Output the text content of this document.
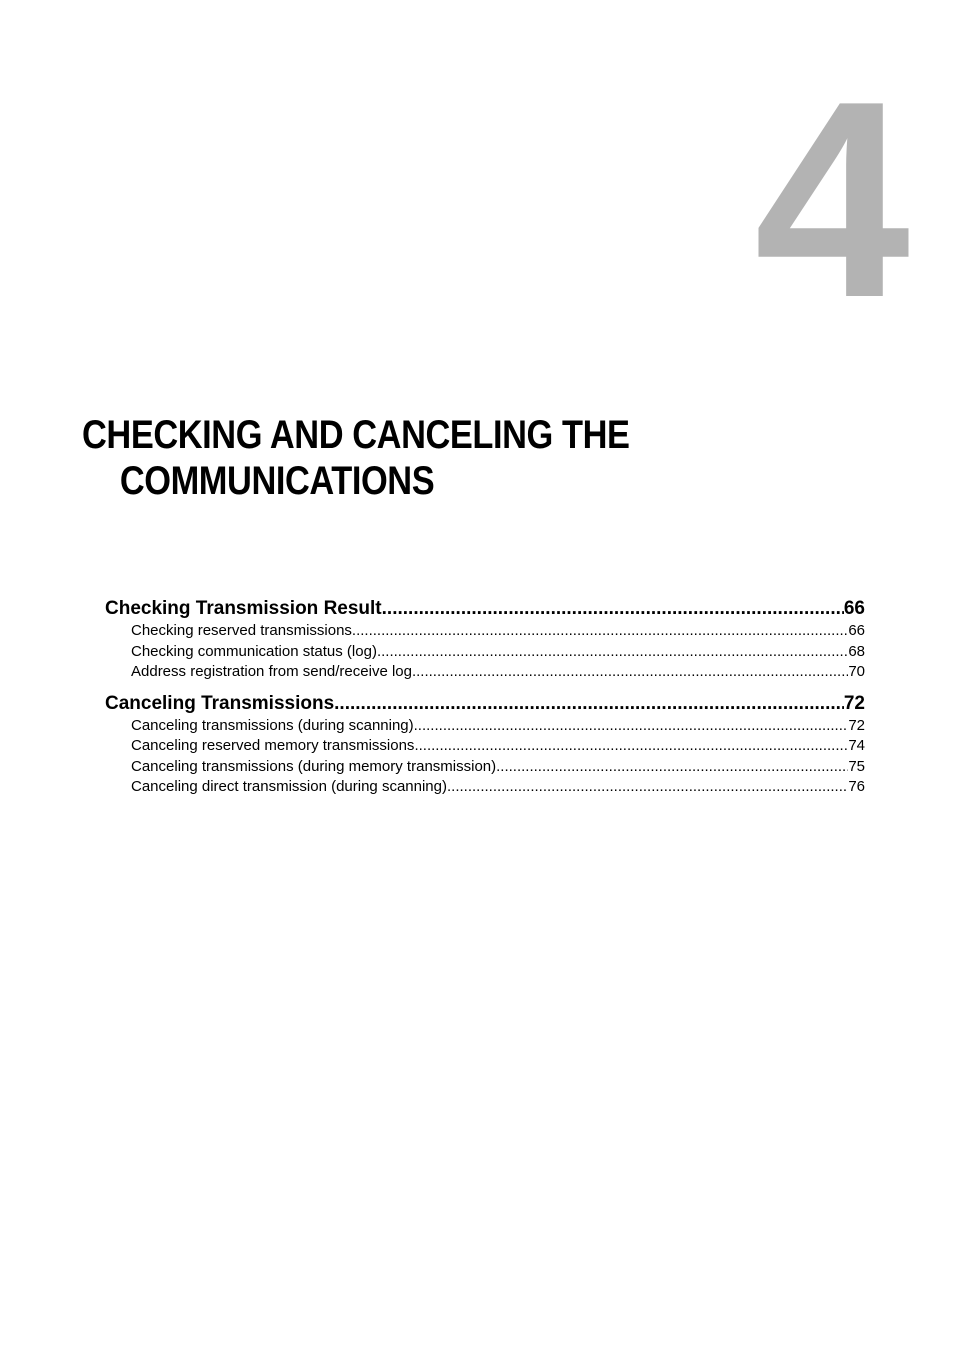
4
CHECKING AND CANCELING THE
COMMUNICATIONS
Checking Transmission Result .....	66
Checking reserved transmissions .....	66
Checking communication status (log) .....	68
Address registration from send/receive log .....	70
Canceling Transmissions .....	72
Canceling transmissions (during scanning) .....	72
Canceling reserved memory transmissions .....	74
Canceling transmissions (during memory transmission) .....	75
Canceling direct transmission (during scanning) .....	76
